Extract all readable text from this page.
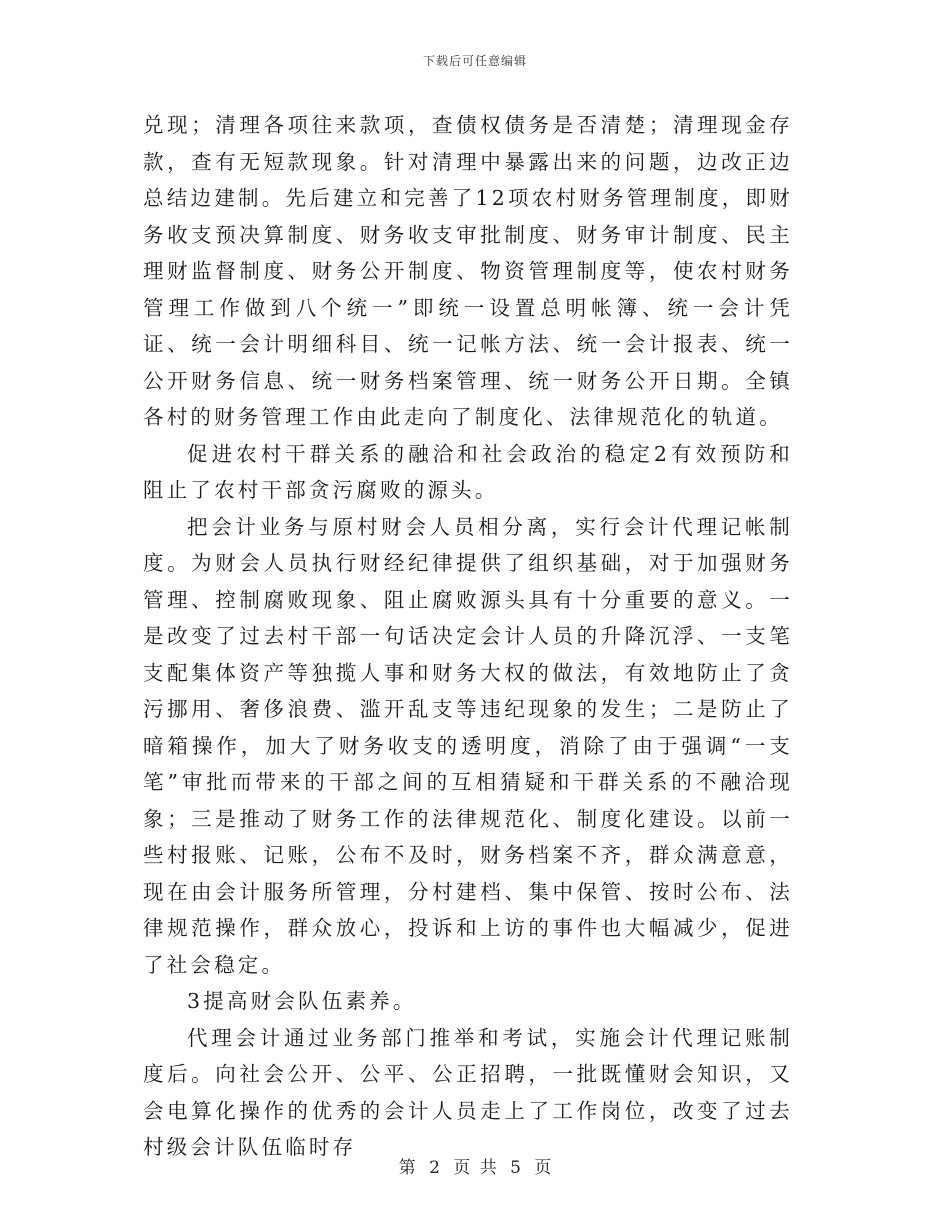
下载后可任意编辑

兑现；清理各项往来款项，查债权债务是否清楚；清理现金存款，查有无短款现象。针对清理中暴露出来的问题，边改正边总结边建制。先后建立和完善了12项农村财务管理制度，即财务收支预决算制度、财务收支审批制度、财务审计制度、民主理财监督制度、财务公开制度、物资管理制度等，使农村财务管理工作做到八个统一”即统一设置总明帐簿、统一会计凭证、统一会计明细科目、统一记帐方法、统一会计报表、统一公开财务信息、统一财务档案管理、统一财务公开日期。全镇各村的财务管理工作由此走向了制度化、法律规范化的轨道。

促进农村干群关系的融洽和社会政治的稳定2有效预防和阻止了农村干部贪污腐败的源头。

把会计业务与原村财会人员相分离，实行会计代理记帐制度。为财会人员执行财经纪律提供了组织基础，对于加强财务管理、控制腐败现象、阻止腐败源头具有十分重要的意义。一是改变了过去村干部一句话决定会计人员的升降沉浮、一支笔支配集体资产等独揽人事和财务大权的做法，有效地防止了贪污挪用、奢侈浪费、滥开乱支等违纪现象的发生；二是防止了暗箱操作，加大了财务收支的透明度，消除了由于强调“一支笔”审批而带来的干部之间的互相猜疑和干群关系的不融洽现象；三是推动了财务工作的法律规范化、制度化建设。以前一些村报账、记账，公布不及时，财务档案不齐，群众满意意，现在由会计服务所管理，分村建档、集中保管、按时公布、法律规范操作，群众放心，投诉和上访的事件也大幅减少，促进了社会稳定。

3提高财会队伍素养。

代理会计通过业务部门推举和考试，实施会计代理记账制度后。向社会公开、公平、公正招聘，一批既懂财会知识，又会电算化操作的优秀的会计人员走上了工作岗位，改变了过去村级会计队伍临时存

第 2 页 共 5 页
